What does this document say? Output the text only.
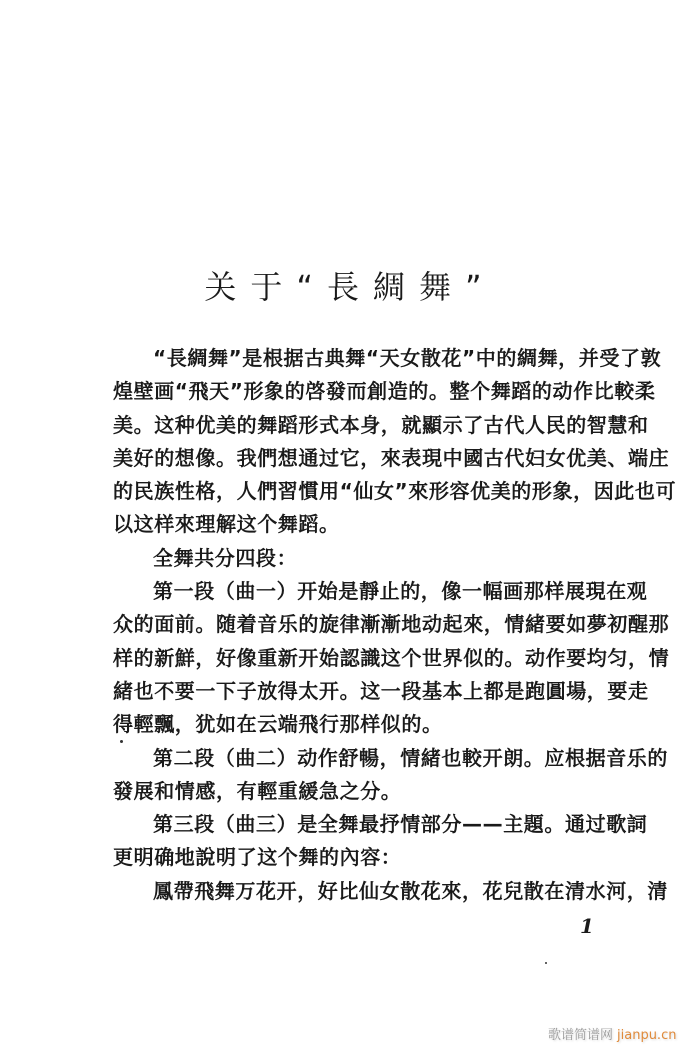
关于“長綢舞”
“長綢舞”是根据古典舞“天女散花”中的綢舞，并受了敦
煌壁画“飛天”形象的啓發而創造的。整个舞蹈的动作比較柔
美。这种优美的舞蹈形式本身，就顯示了古代人民的智慧和
美好的想像。我們想通过它，來表現中國古代妇女优美、端庄
的民族性格，人們習慣用“仙女”來形容优美的形象，因此也可
以这样來理解这个舞蹈。
全舞共分四段：
第一段（曲一）开始是靜止的，像一幅画那样展現在观
众的面前。随着音乐的旋律漸漸地动起來，情緒要如夢初醒那
样的新鮮，好像重新开始認識这个世界似的。动作要均匀，情
緒也不要一下子放得太开。这一段基本上都是跑圓場，要走
得輕飄，犹如在云端飛行那样似的。
第二段（曲二）动作舒暢，情緒也較开朗。应根据音乐的
發展和情感，有輕重緩急之分。
第三段（曲三）是全舞最抒情部分——主題。通过歌詞
更明确地說明了这个舞的內容：
鳳帶飛舞万花开，好比仙女散花來，花兒散在清水河，清
1
歌谱简谱网 jianpu.cn
